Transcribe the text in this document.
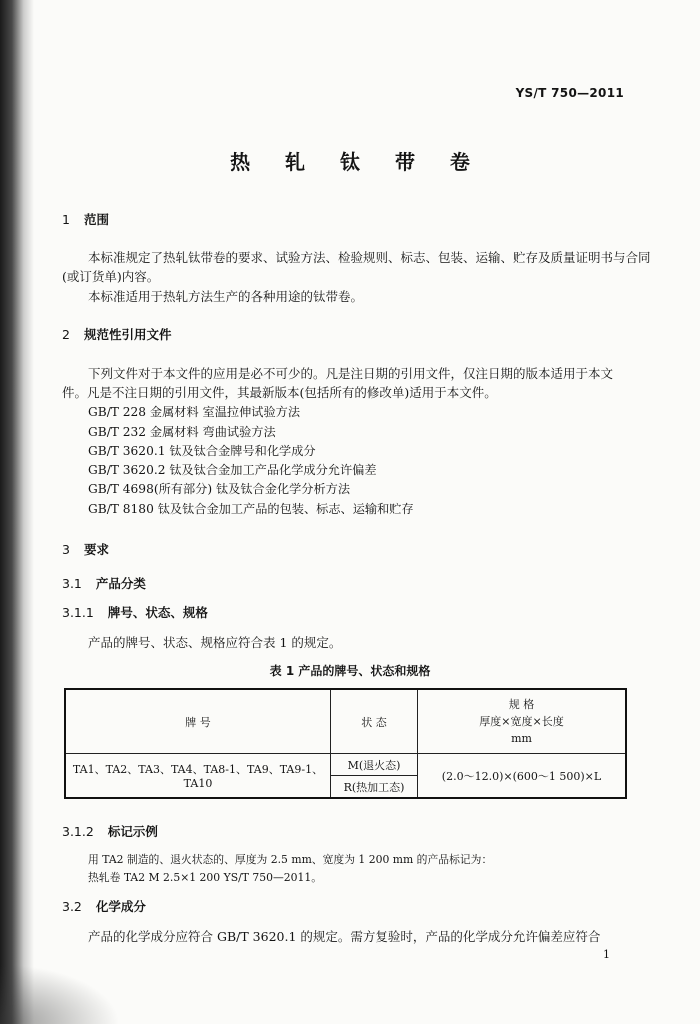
YS/T 750—2011
热 轧 钛 带 卷
1 范围
本标准规定了热轧钛带卷的要求、试验方法、检验规则、标志、包装、运输、贮存及质量证明书与合同
(或订货单)内容。
本标准适用于热轧方法生产的各种用途的钛带卷。
2 规范性引用文件
下列文件对于本文件的应用是必不可少的。凡是注日期的引用文件，仅注日期的版本适用于本文
件。凡是不注日期的引用文件，其最新版本(包括所有的修改单)适用于本文件。
GB/T 228 金属材料 室温拉伸试验方法
GB/T 232 金属材料 弯曲试验方法
GB/T 3620.1 钛及钛合金牌号和化学成分
GB/T 3620.2 钛及钛合金加工产品化学成分允许偏差
GB/T 4698(所有部分) 钛及钛合金化学分析方法
GB/T 8180 钛及钛合金加工产品的包装、标志、运输和贮存
3 要求
3.1 产品分类
3.1.1 牌号、状态、规格
产品的牌号、状态、规格应符合表 1 的规定。
表 1 产品的牌号、状态和规格
牌 号	状 态	规 格
厚度×宽度×长度
mm

TA1、TA2、TA3、TA4、TA8-1、TA9、TA9-1、TA10	M(退火态)	(2.0～12.0)×(600～1 500)×L
	R(热加工态)	
3.1.2 标记示例
用 TA2 制造的、退火状态的、厚度为 2.5 mm、宽度为 1 200 mm 的产品标记为：
热轧卷 TA2 M 2.5×1 200 YS/T 750—2011。
3.2 化学成分
产品的化学成分应符合 GB/T 3620.1 的规定。需方复验时，产品的化学成分允许偏差应符合
1
